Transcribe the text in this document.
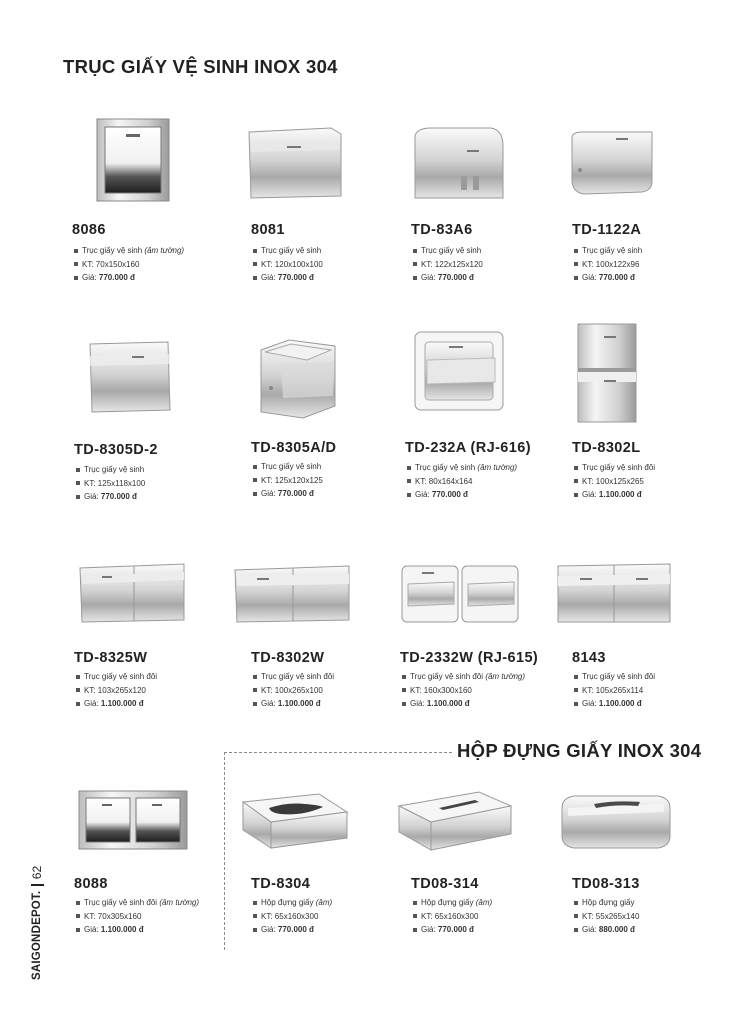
TRỤC GIẤY VỆ SINH INOX 304
HỘP ĐỰNG GIẤY INOX 304
8086
Trục giấy vệ sinh
(âm tường)
KT:
70x150x160
Giá:
770.000 đ
8081
Trục giấy vệ sinh
KT:
120x100x100
Giá:
770.000 đ
TD-83A6
Trục giấy vệ sinh
KT:
122x125x120
Giá:
770.000 đ
TD-1122A
Trục giấy vệ sinh
KT:
100x122x96
Giá:
770.000 đ
TD-8305D-2
Trục giấy vệ sinh
KT:
125x118x100
Giá:
770.000 đ
TD-8305A/D
Trục giấy vệ sinh
KT:
125x120x125
Giá:
770.000 đ
TD-232A (RJ-616)
Trục giấy vệ sinh
(âm tường)
KT:
80x164x164
Giá:
770.000 đ
TD-8302L
Trục giấy vệ sinh đôi
KT:
100x125x265
Giá:
1.100.000 đ
TD-8325W
Trục giấy vệ sinh đôi
KT:
103x265x120
Giá:
1.100.000 đ
TD-8302W
Trục giấy vệ sinh đôi
KT:
100x265x100
Giá:
1.100.000 đ
TD-2332W (RJ-615)
Trục giấy vệ sinh đôi
(âm tường)
KT:
160x300x160
Giá:
1.100.000 đ
8143
Trục giấy vệ sinh đôi
KT:
105x265x114
Giá:
1.100.000 đ
8088
Trục giấy vệ sinh đôi
(âm tường)
KT:
70x305x160
Giá:
1.100.000 đ
TD-8304
Hộp đựng giấy
(âm)
KT:
65x160x300
Giá:
770.000 đ
TD08-314
Hộp đựng giấy
(âm)
KT:
65x160x300
Giá:
770.000 đ
TD08-313
Hộp đựng giấy
KT:
55x265x140
Giá:
880.000 đ
SAIGONDEPOT.
62
